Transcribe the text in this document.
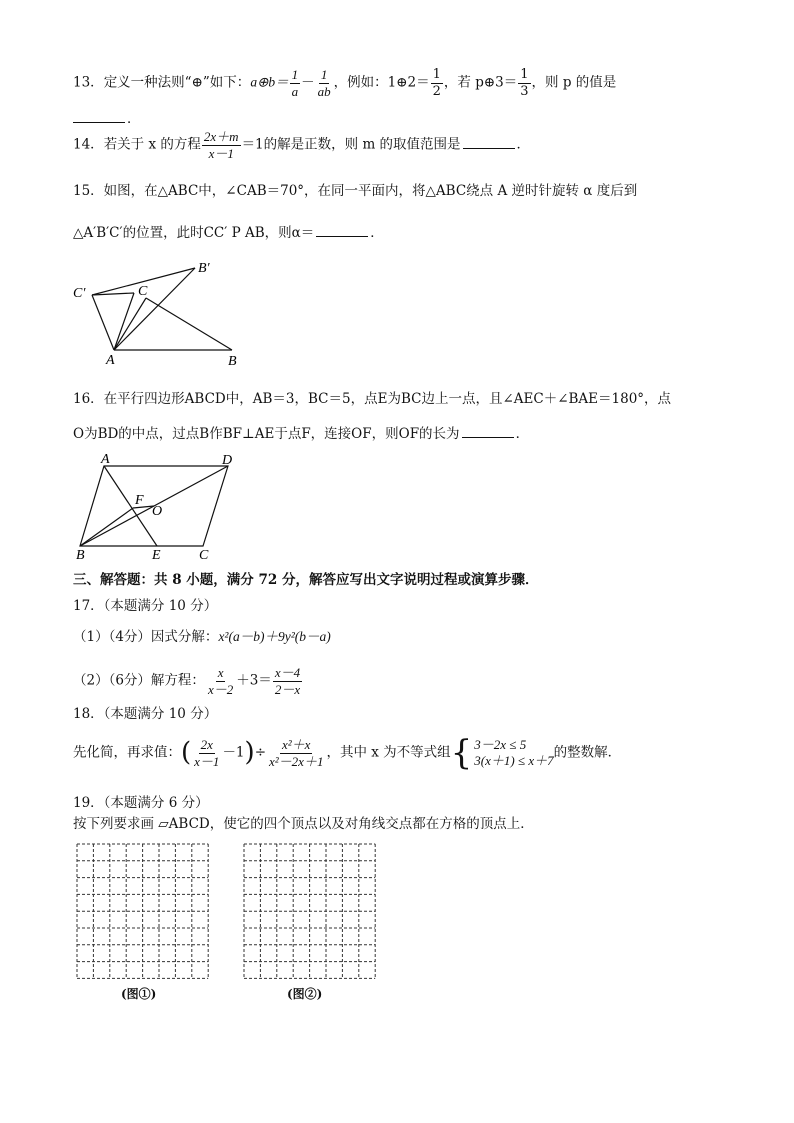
13．定义一种法则“⊕”如下：a⊕b＝ $\frac{1}{a} - \frac{1}{ab}$ ，例如：1⊕2＝ $\frac{1}{2}$ ，若 p⊕3＝ $\frac{1}{3}$ ，则 p 的值是
．
14．若关于 x 的方程 $\frac{2x+m}{x-1} =1$的解是正数，则 m 的取值范围是	．
15．如图，在△ABC中，∠CAB＝70°，在同一平面内，将△ABC绕点 A 逆时针旋转 α 度后到
△A′B′C′的位置，此时CC′ P AB，则α＝	．
B′
C′	C
A	B
16．在平行四边形ABCD中，AB＝3，BC＝5，点E为BC边上一点，且∠AEC＋∠BAE＝180°，点
O为BD的中点，过点B作BF⊥AE于点F，连接OF，则OF的长为	．
A	D
F
O
B	E	C
三、解答题：共 8 小题，满分 72 分，解答应写出文字说明过程或演算步骤．
17．（本题满分 10 分）
（1）（4分）因式分解：x²(a－b)＋9y²(b－a)
（2）（6分）解方程： $\frac{x}{x-2} +3= \frac{x-4}{2-x}$
18．（本题满分 10 分）
先化简，再求值：( $\frac{2x}{x-1} -1)\div \frac{\text{x²＋x}}{\text{x²－2x＋1}}$ ，其中 x 为不等式组 { 3－2x ≤ 5
3(x＋1) ≤ x＋7 的整数解．
19．（本题满分 6 分）
按下列要求画 ▱ABCD，使它的四个顶点以及对角线交点都在方格的顶点上．
(图①)	(图②)
